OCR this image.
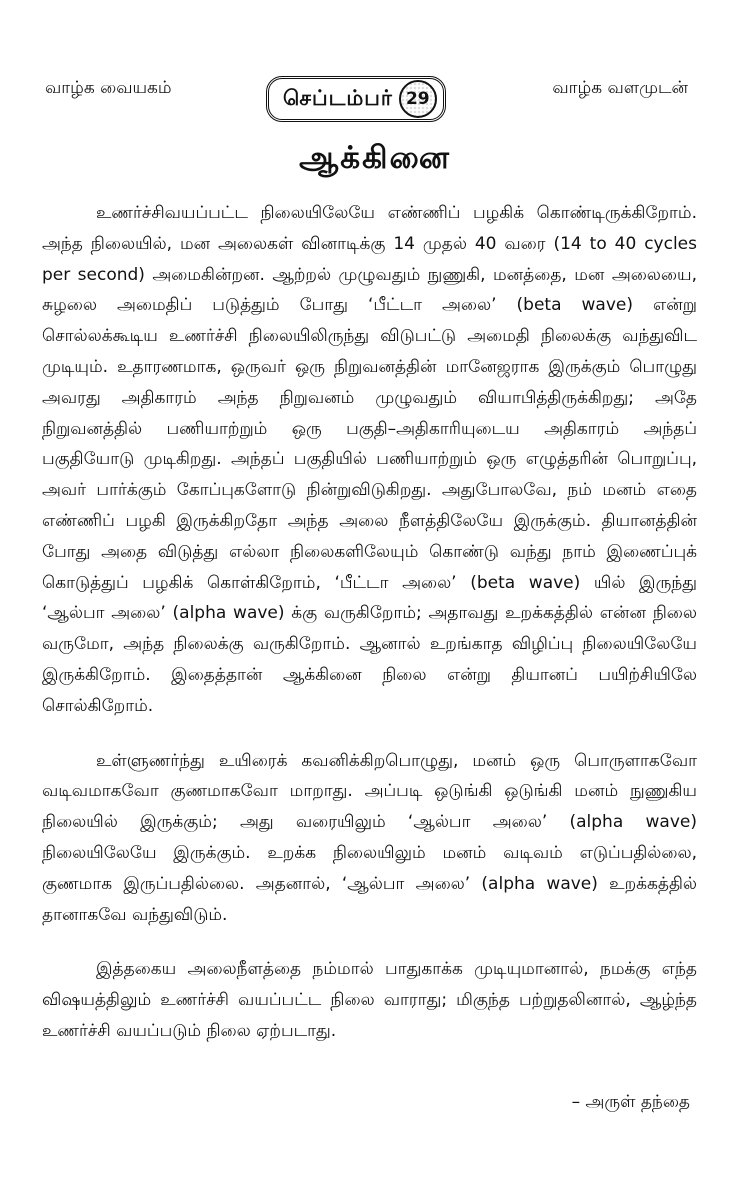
வாழ்க வையகம்	செப்டம்பர் 29
வாழ்க வளமுடன்
ஆக்கினை

உணர்ச்சிவயப்பட்ட நிலையிலேயே எண்ணிப் பழகிக் கொண்டிருக்கிறோம். அந்த நிலையில், மன அலைகள் வினாடிக்கு 14 முதல் 40 வரை (14 to 40 cycles per second) அமைகின்றன. ஆற்றல் முழுவதும் நுணுகி, மனத்தை, மன அலையை, சுழலை அமைதிப் படுத்தும் போது ‘பீட்டா அலை’ (beta wave) என்று சொல்லக்கூடிய உணர்ச்சி நிலையிலிருந்து விடுபட்டு அமைதி நிலைக்கு வந்துவிட முடியும். உதாரணமாக, ஒருவர் ஒரு நிறுவனத்தின் மானேஜராக இருக்கும் பொழுது அவரது அதிகாரம் அந்த நிறுவனம் முழுவதும் வியாபித்திருக்கிறது; அதே நிறுவனத்தில் பணியாற்றும் ஒரு பகுதி–அதிகாரியுடைய அதிகாரம் அந்தப் பகுதியோடு முடிகிறது. அந்தப் பகுதியில் பணியாற்றும் ஒரு எழுத்தரின் பொறுப்பு, அவர் பார்க்கும் கோப்புகளோடு நின்றுவிடுகிறது. அதுபோலவே, நம் மனம் எதை எண்ணிப் பழகி இருக்கிறதோ அந்த அலை நீளத்திலேயே இருக்கும். தியானத்தின் போது அதை விடுத்து எல்லா நிலைகளிலேயும் கொண்டு வந்து நாம் இணைப்புக் கொடுத்துப் பழகிக் கொள்கிறோம், ‘பீட்டா அலை’ (beta wave) யில் இருந்து ‘ஆல்பா அலை’ (alpha wave) க்கு வருகிறோம்; அதாவது உறக்கத்தில் என்ன நிலை வருமோ, அந்த நிலைக்கு வருகிறோம். ஆனால் உறங்காத விழிப்பு நிலையிலேயே இருக்கிறோம். இதைத்தான் ஆக்கினை நிலை என்று தியானப் பயிற்சியிலே சொல்கிறோம்.

உள்ளுணர்ந்து உயிரைக் கவனிக்கிறபொழுது, மனம் ஒரு பொருளாகவோ வடிவமாகவோ குணமாகவோ மாறாது. அப்படி ஒடுங்கி ஒடுங்கி மனம் நுணுகிய நிலையில் இருக்கும்; அது வரையிலும் ‘ஆல்பா அலை’ (alpha wave) நிலையிலேயே இருக்கும். உறக்க நிலையிலும் மனம் வடிவம் எடுப்பதில்லை, குணமாக இருப்பதில்லை. அதனால், ‘ஆல்பா அலை’ (alpha wave) உறக்கத்தில் தானாகவே வந்துவிடும்.

இத்தகைய அலைநீளத்தை நம்மால் பாதுகாக்க முடியுமானால், நமக்கு எந்த விஷயத்திலும் உணர்ச்சி வயப்பட்ட நிலை வாராது; மிகுந்த பற்றுதலினால், ஆழ்ந்த உணர்ச்சி வயப்படும் நிலை ஏற்படாது.

– அருள் தந்தை
